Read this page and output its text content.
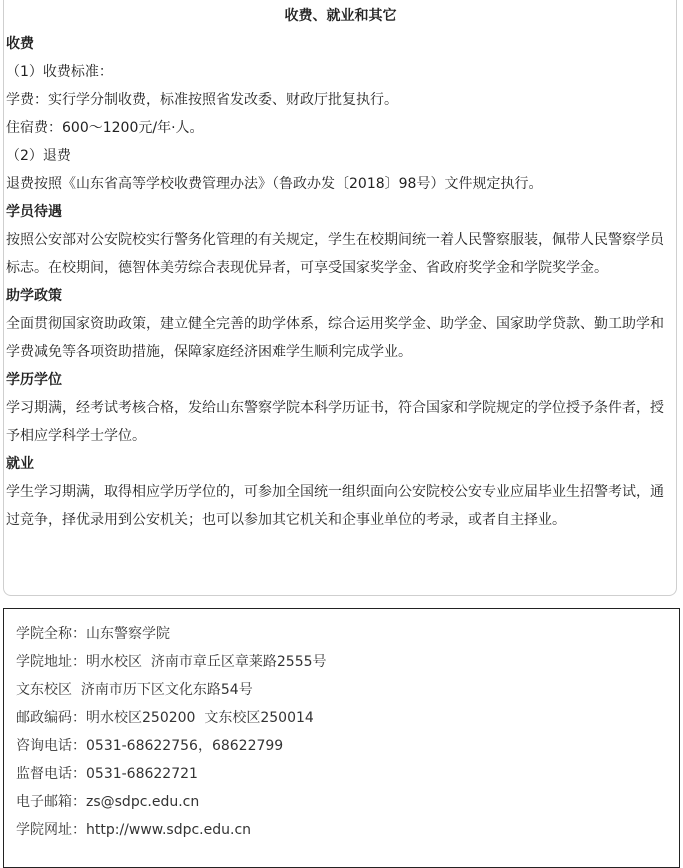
收费、就业和其它
收费

（1）收费标准：

学费：实行学分制收费，标准按照省发改委、财政厅批复执行。

住宿费：600～1200元/年·人。

（2）退费

退费按照《山东省高等学校收费管理办法》（鲁政办发〔2018〕98号）文件规定执行。

学员待遇

按照公安部对公安院校实行警务化管理的有关规定，学生在校期间统一着人民警察服装，佩带人民警察学员标志。在校期间，德智体美劳综合表现优异者，可享受国家奖学金、省政府奖学金和学院奖学金。

助学政策

全面贯彻国家资助政策，建立健全完善的助学体系，综合运用奖学金、助学金、国家助学贷款、勤工助学和学费减免等各项资助措施，保障家庭经济困难学生顺利完成学业。

学历学位

学习期满，经考试考核合格，发给山东警察学院本科学历证书，符合国家和学院规定的学位授予条件者，授予相应学科学士学位。

就业

学生学习期满，取得相应学历学位的，可参加全国统一组织面向公安院校公安专业应届毕业生招警考试，通过竞争，择优录用到公安机关；也可以参加其它机关和企事业单位的考录，或者自主择业。

学院全称：山东警察学院
学院地址：明水校区  济南市章丘区章莱路2555号
文东校区  济南市历下区文化东路54号
邮政编码：明水校区250200  文东校区250014
咨询电话：0531-68622756，68622799
监督电话：0531-68622721
电子邮箱：zs@sdpc.edu.cn
学院网址：http://www.sdpc.edu.cn
